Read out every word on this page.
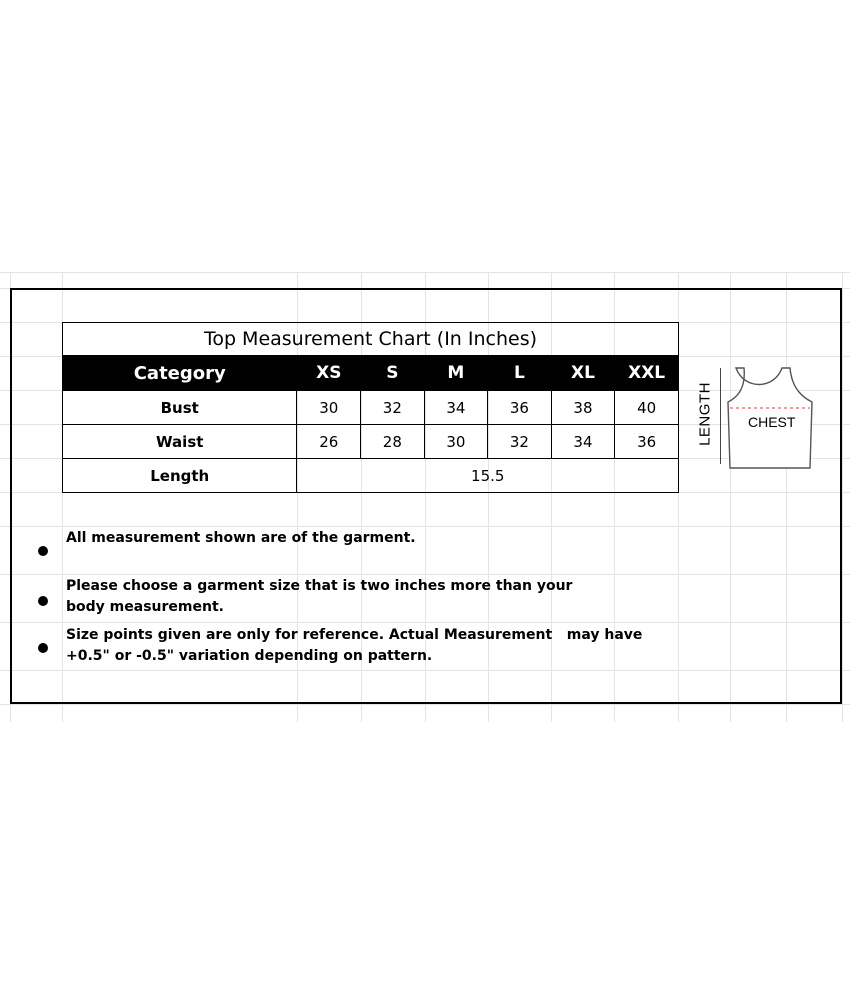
Top Measurement Chart (In Inches)						
Category	XS	S	M	L	XL	XXL
Bust	30	32	34	36	38	40
Waist	26	28	30	32	34	36
Length	15.5					
LENGTH CHEST
All measurement shown are of the garment.
Please choose a garment size that is two inches more than your body measurement.
Size points given are only for reference. Actual Measurement   may have +0.5" or -0.5" variation depending on pattern.
